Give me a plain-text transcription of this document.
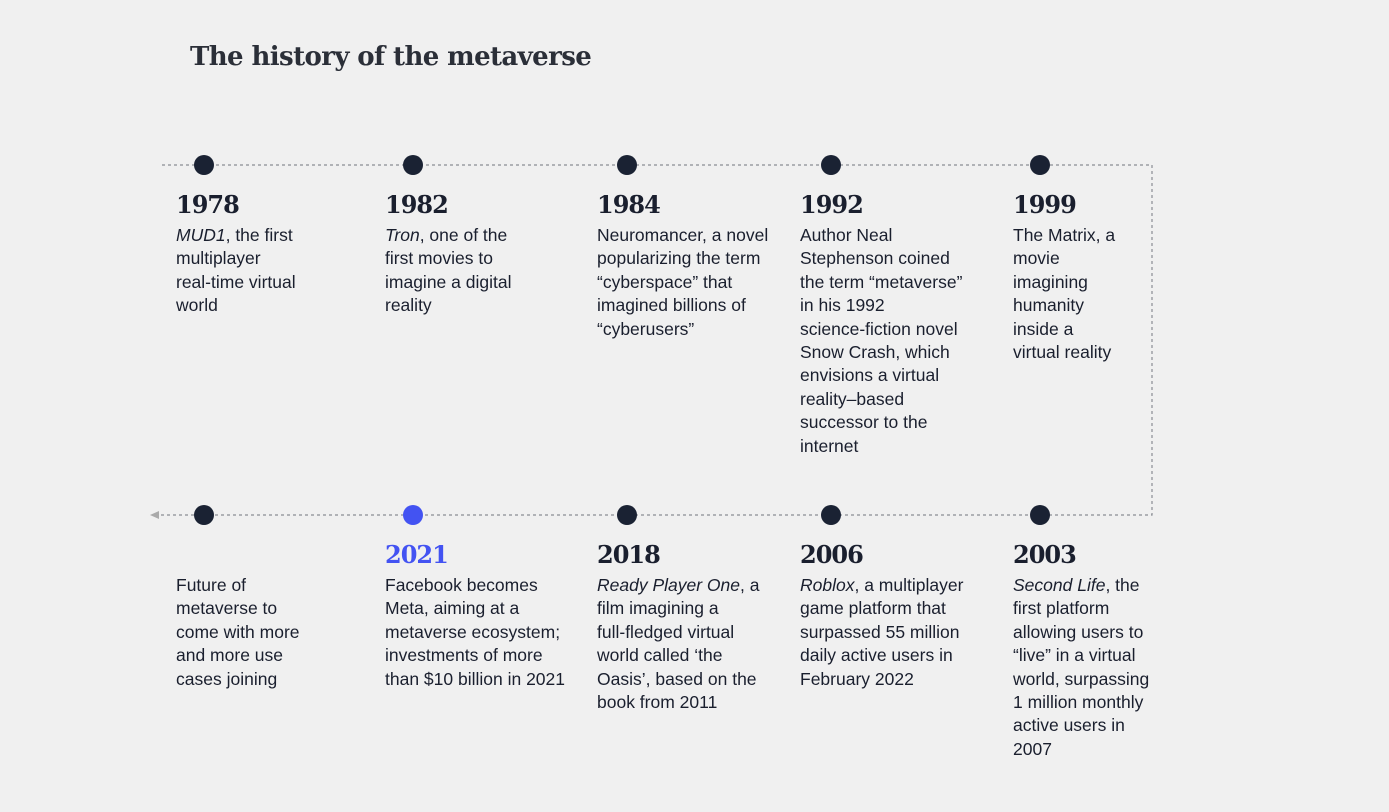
The history of the metaverse
1978
MUD1, the first
multiplayer
real-time virtual
world
1982
Tron, one of the
first movies to
imagine a digital
reality
1984
Neuromancer, a novel
popularizing the term
“cyberspace” that
imagined billions of
“cyberusers”
1992
Author Neal
Stephenson coined
the term “metaverse”
in his 1992
science-fiction novel
Snow Crash, which
envisions a virtual
reality–based
successor to the
internet
1999
The Matrix, a
movie
imagining
humanity
inside a
virtual reality
Future of
metaverse to
come with more
and more use
cases joining
2021
Facebook becomes
Meta, aiming at a
metaverse ecosystem;
investments of more
than $10 billion in 2021
2018
Ready Player One, a
film imagining a
full-fledged virtual
world called ‘the
Oasis’, based on the
book from 2011
2006
Roblox, a multiplayer
game platform that
surpassed 55 million
daily active users in
February 2022
2003
Second Life, the
first platform
allowing users to
“live” in a virtual
world, surpassing
1 million monthly
active users in
2007
